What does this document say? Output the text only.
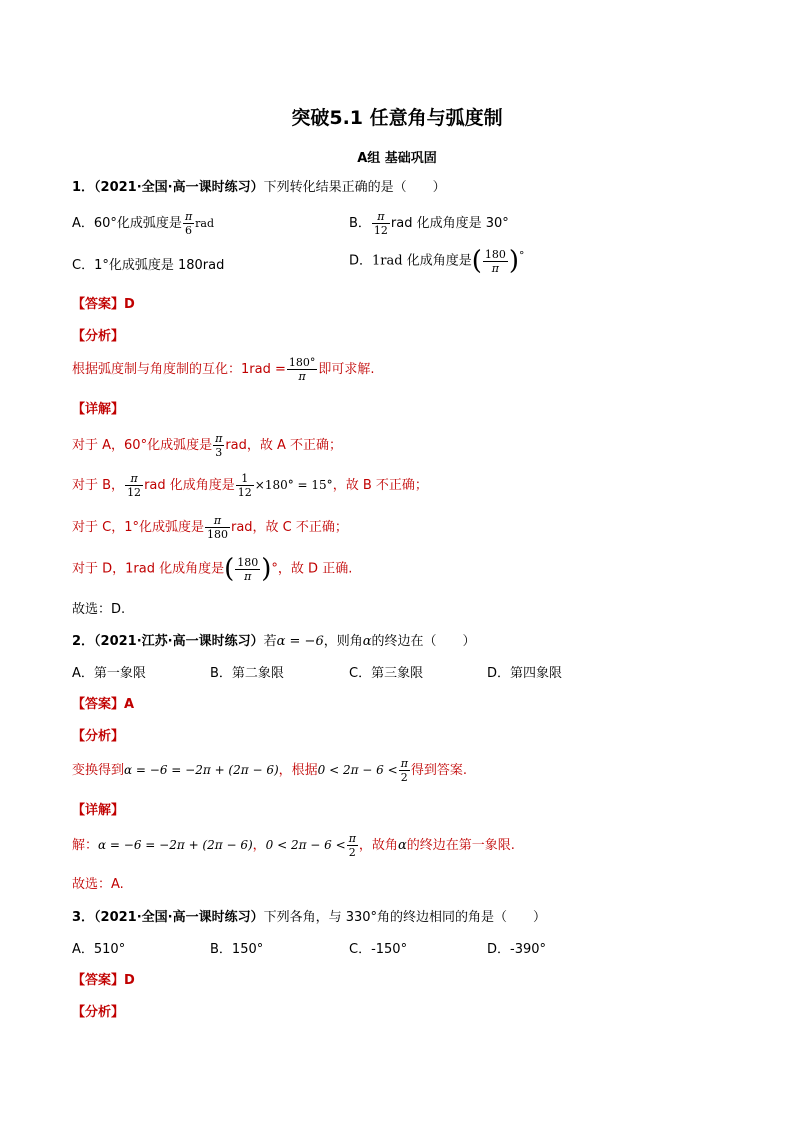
突破5.1 任意角与弧度制
A组 基础巩固
1．（2021·全国·高一课时练习）下列转化结果正确的是（　　）
A．60°化成弧度是 $\frac{\pi}{6}$ rad	B． $\frac{\pi}{12}$ rad 化成角度是 30°
C．1°化成弧度是 180rad	D．1rad 化成角度是( $\frac{180}{\pi} )^\circ$
【答案】D
【分析】
根据弧度制与角度制的互化：$1rad = \frac{180^\circ}{\pi}$ 即可求解.
【详解】
对于 A，60°化成弧度是 $\frac{\pi}{3}$ rad，故 A 不正确；
对于 B， $\frac{\pi}{12}$ rad 化成角度是 $\frac{1}{12} \times 180^\circ = 15^\circ$，故 B 不正确；
对于 C，1°化成弧度是 $\frac{\pi}{180}$ rad，故 C 不正确；
对于 D，1rad 化成角度是( $\frac{180}{\pi}$ )°，故 D 正确.
故选：D.
2．（2021·江苏·高一课时练习）若α = −6，则角α的终边在（　　）
A．第一象限	B．第二象限	C．第三象限	D．第四象限
【答案】A
【分析】
变换得到α = −6 = −2π + (2π − 6)，根据$0 < 2\pi - 6 < \frac{\pi}{2}$ 得到答案.
【详解】
解：α = −6 = −2π + (2π − 6)，$0 < 2\pi - 6 < \frac{\pi}{2}$ ，故角α的终边在第一象限.
故选：A.
3．（2021·全国·高一课时练习）下列各角，与 330°角的终边相同的角是（　　）
A．510°	B．150°	C．-150°	D．-390°
【答案】D
【分析】
